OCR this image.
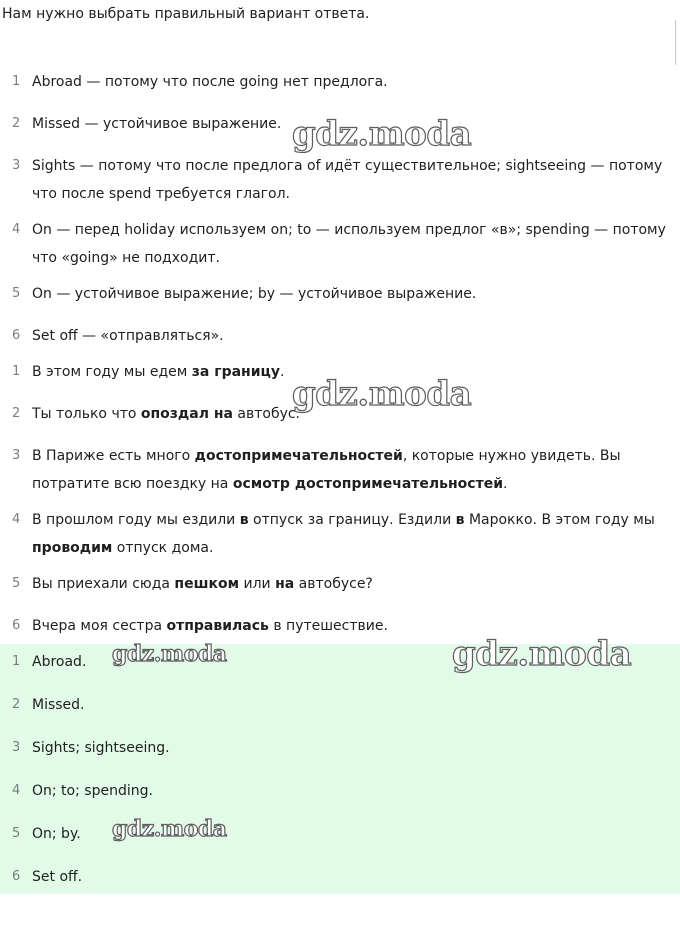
Нам нужно выбрать правильный вариант ответа.
1 Abroad — потому что после going нет предлога.
2 Missed — устойчивое выражение.
3 Sights — потому что после предлога of идёт существительное; sightseeing — потому что после spend требуется глагол.
4 On — перед holiday используем on; to — используем предлог «в»; spending — потому что «going» не подходит.
5 On — устойчивое выражение; by — устойчивое выражение.
6 Set off — «отправляться».
1 В этом году мы едем за границу.
2 Ты только что опоздал на автобус.
3 В Париже есть много достопримечательностей, которые нужно увидеть. Вы потратите всю поездку на осмотр достопримечательностей.
4 В прошлом году мы ездили в отпуск за границу. Ездили в Марокко. В этом году мы проводим отпуск дома.
5 Вы приехали сюда пешком или на автобусе?
6 Вчера моя сестра отправилась в путешествие.
1 Abroad.
2 Missed.
3 Sights; sightseeing.
4 On; to; spending.
5 On; by.
6 Set off.
gdz.moda
gdz.moda
gdz.moda
gdz.moda
gdz.moda
